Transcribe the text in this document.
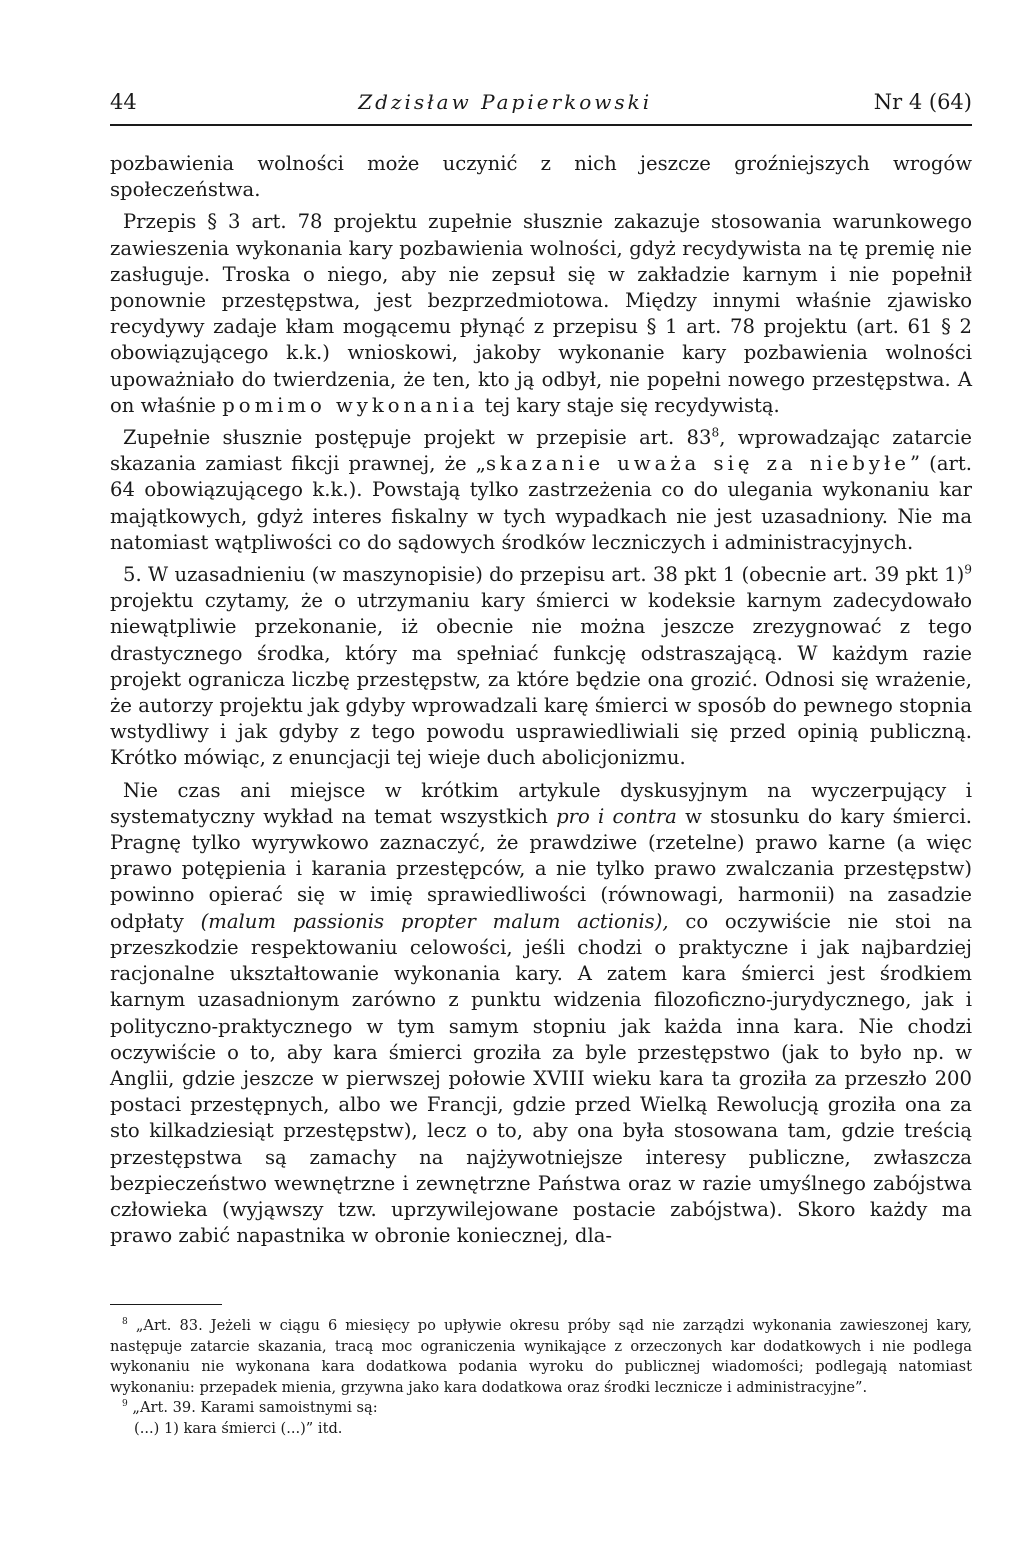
44	Zdzisław Papierkowski	Nr 4 (64)

pozbawienia wolności może uczynić z nich jeszcze groźniejszych wrogów społeczeństwa.

Przepis § 3 art. 78 projektu zupełnie słusznie zakazuje stosowania warunkowego zawieszenia wykonania kary pozbawienia wolności, gdyż recydywista na tę premię nie zasługuje. Troska o niego, aby nie zepsuł się w zakładzie karnym i nie popełnił ponownie przestępstwa, jest bezprzedmiotowa. Między innymi właśnie zjawisko recydywy zadaje kłam mogącemu płynąć z przepisu § 1 art. 78 projektu (art. 61 § 2 obowiązującego k.k.) wnioskowi, jakoby wykonanie kary pozbawienia wolności upoważniało do twierdzenia, że ten, kto ją odbył, nie popełni nowego przestępstwa. A on właśnie pomimo wykonania tej kary staje się recydywistą.

Zupełnie słusznie postępuje projekt w przepisie art. $83^8$, wprowadzając zatarcie skazania zamiast fikcji prawnej, że „skazanie uważa się za niebyłe” (art. 64 obowiązującego k.k.). Powstają tylko zastrzeżenia co do ulegania wykonaniu kar majątkowych, gdyż interes fiskalny w tych wypadkach nie jest uzasadniony. Nie ma natomiast wątpliwości co do sądowych środków leczniczych i administracyjnych.

5. W uzasadnieniu (w maszynopisie) do przepisu art. 38 pkt 1 (obecnie art. 39 pkt 1)$^9$ projektu czytamy, że o utrzymaniu kary śmierci w kodeksie karnym zadecydowało niewątpliwie przekonanie, iż obecnie nie można jeszcze zrezygnować z tego drastycznego środka, który ma spełniać funkcję odstraszającą. W każdym razie projekt ogranicza liczbę przestępstw, za które będzie ona grozić. Odnosi się wrażenie, że autorzy projektu jak gdyby wprowadzali karę śmierci w sposób do pewnego stopnia wstydliwy i jak gdyby z tego powodu usprawiedliwiali się przed opinią publiczną. Krótko mówiąc, z enuncjacji tej wieje duch abolicjonizmu.

Nie czas ani miejsce w krótkim artykule dyskusyjnym na wyczerpujący i systematyczny wykład na temat wszystkich pro i contra w stosunku do kary śmierci. Pragnę tylko wyrywkowo zaznaczyć, że prawdziwe (rzetelne) prawo karne (a więc prawo potępienia i karania przestępców, a nie tylko prawo zwalczania przestępstw) powinno opierać się w imię sprawiedliwości (równowagi, harmonii) na zasadzie odpłaty (malum passionis propter malum actionis), co oczywiście nie stoi na przeszkodzie respektowaniu celowości, jeśli chodzi o praktyczne i jak najbardziej racjonalne ukształtowanie wykonania kary. A zatem kara śmierci jest środkiem karnym uzasadnionym zarówno z punktu widzenia filozoficzno-jurydycznego, jak i polityczno-praktycznego w tym samym stopniu jak każda inna kara. Nie chodzi oczywiście o to, aby kara śmierci groziła za byle przestępstwo (jak to było np. w Anglii, gdzie jeszcze w pierwszej połowie XVIII wieku kara ta groziła za przeszło 200 postaci przestępnych, albo we Francji, gdzie przed Wielką Rewolucją groziła ona za sto kilkadziesiąt przestępstw), lecz o to, aby ona była stosowana tam, gdzie treścią przestępstwa są zamachy na najżywotniejsze interesy publiczne, zwłaszcza bezpieczeństwo wewnętrzne i zewnętrzne Państwa oraz w razie umyślnego zabójstwa człowieka (wyjąwszy tzw. uprzywilejowane postacie zabójstwa). Skoro każdy ma prawo zabić napastnika w obronie koniecznej, dla-

$^8$ „Art. 83. Jeżeli w ciągu 6 miesięcy po upływie okresu próby sąd nie zarządzi wykonania zawieszonej kary, następuje zatarcie skazania, tracą moc ograniczenia wynikające z orzeczonych kar dodatkowych i nie podlega wykonaniu nie wykonana kara dodatkowa podania wyroku do publicznej wiadomości; podlegają natomiast wykonaniu: przepadek mienia, grzywna jako kara dodatkowa oraz środki lecznicze i administracyjne”.

$^9$ „Art. 39. Karami samoistnymi są:

(...) 1) kara śmierci (...)” itd.
